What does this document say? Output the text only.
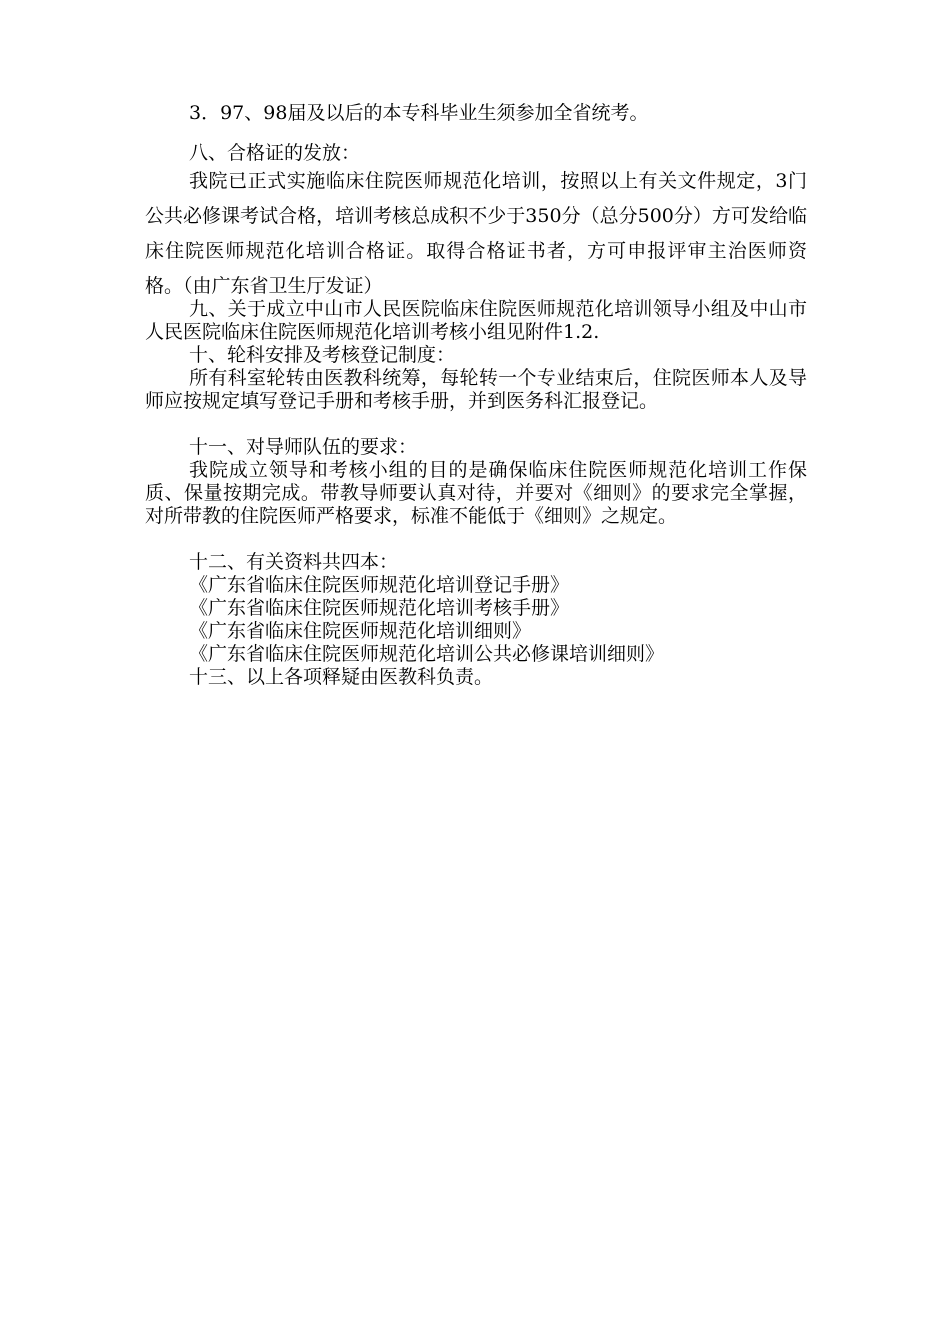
3．97、98届及以后的本专科毕业生须参加全省统考。

八、合格证的发放：

我院已正式实施临床住院医师规范化培训，按照以上有关文件规定，3门公共必修课考试合格，培训考核总成积不少于350分（总分500分）方可发给临床住院医师规范化培训合格证。取得合格证书者，方可申报评审主治医师资格。（由广东省卫生厅发证）

九、关于成立中山市人民医院临床住院医师规范化培训领导小组及中山市人民医院临床住院医师规范化培训考核小组见附件1.2.

十、轮科安排及考核登记制度：

所有科室轮转由医教科统筹，每轮转一个专业结束后，住院医师本人及导师应按规定填写登记手册和考核手册，并到医务科汇报登记。

十一、对导师队伍的要求：

我院成立领导和考核小组的目的是确保临床住院医师规范化培训工作保质、保量按期完成。带教导师要认真对待，并要对《细则》的要求完全掌握，对所带教的住院医师严格要求，标准不能低于《细则》之规定。

十二、有关资料共四本：

《广东省临床住院医师规范化培训登记手册》
《广东省临床住院医师规范化培训考核手册》
《广东省临床住院医师规范化培训细则》
《广东省临床住院医师规范化培训公共必修课培训细则》

十三、以上各项释疑由医教科负责。
